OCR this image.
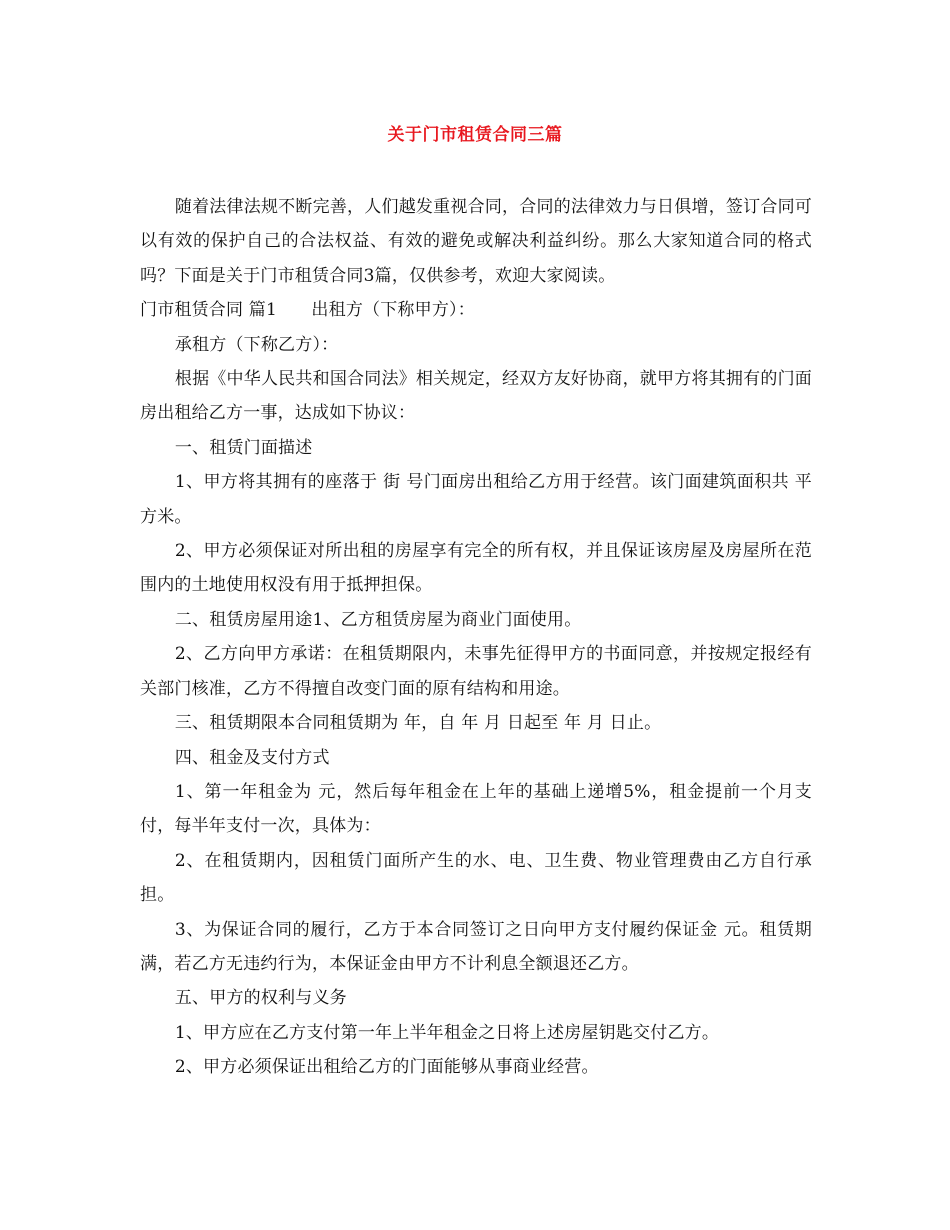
关于门市租赁合同三篇

随着法律法规不断完善，人们越发重视合同，合同的法律效力与日俱增，签订合同可以有效的保护自己的合法权益、有效的避免或解决利益纠纷。那么大家知道合同的格式吗？下面是关于门市租赁合同3篇，仅供参考，欢迎大家阅读。

门市租赁合同 篇1　　出租方（下称甲方）：

承租方（下称乙方）：

根据《中华人民共和国合同法》相关规定，经双方友好协商，就甲方将其拥有的门面房出租给乙方一事，达成如下协议：

一、租赁门面描述

1、甲方将其拥有的座落于 街 号门面房出租给乙方用于经营。该门面建筑面积共 平方米。

2、甲方必须保证对所出租的房屋享有完全的所有权，并且保证该房屋及房屋所在范围内的土地使用权没有用于抵押担保。

二、租赁房屋用途1、乙方租赁房屋为商业门面使用。

2、乙方向甲方承诺：在租赁期限内，未事先征得甲方的书面同意，并按规定报经有关部门核准，乙方不得擅自改变门面的原有结构和用途。

三、租赁期限本合同租赁期为 年，自 年 月 日起至 年 月 日止。

四、租金及支付方式

1、第一年租金为 元，然后每年租金在上年的基础上递增5%，租金提前一个月支付，每半年支付一次，具体为：

2、在租赁期内，因租赁门面所产生的水、电、卫生费、物业管理费由乙方自行承担。

3、为保证合同的履行，乙方于本合同签订之日向甲方支付履约保证金 元。租赁期满，若乙方无违约行为，本保证金由甲方不计利息全额退还乙方。

五、甲方的权利与义务

1、甲方应在乙方支付第一年上半年租金之日将上述房屋钥匙交付乙方。

2、甲方必须保证出租给乙方的门面能够从事商业经营。
